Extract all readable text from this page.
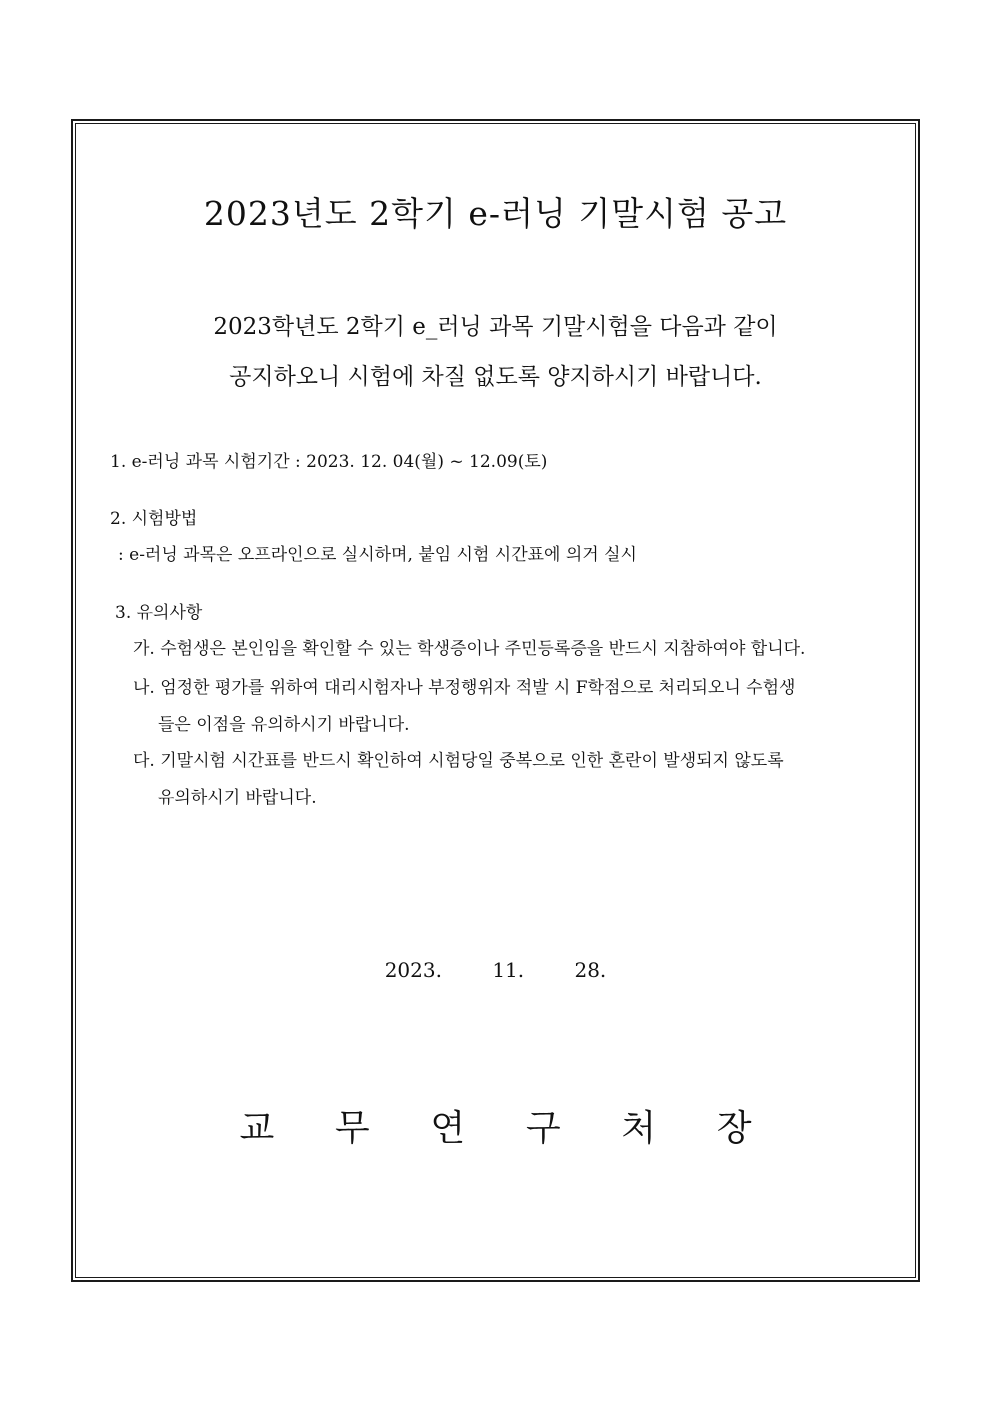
2023년도 2학기 e-러닝 기말시험 공고
2023학년도 2학기 e_러닝 과목 기말시험을 다음과 같이
공지하오니 시험에 차질 없도록 양지하시기 바랍니다.
1. e-러닝 과목 시험기간 : 2023. 12. 04(월) ~ 12.09(토)
2. 시험방법
: e-러닝 과목은 오프라인으로 실시하며, 붙임 시험 시간표에 의거 실시
3. 유의사항
가. 수험생은 본인임을 확인할 수 있는 학생증이나 주민등록증을 반드시 지참하여야 합니다.
나. 엄정한 평가를 위하여 대리시험자나 부정행위자 적발 시 F학점으로 처리되오니 수험생
들은 이점을 유의하시기 바랍니다.
다. 기말시험 시간표를 반드시 확인하여 시험당일 중복으로 인한 혼란이 발생되지 않도록
유의하시기 바랍니다.
2023.	11.	28.
교 무 연 구 처 장
